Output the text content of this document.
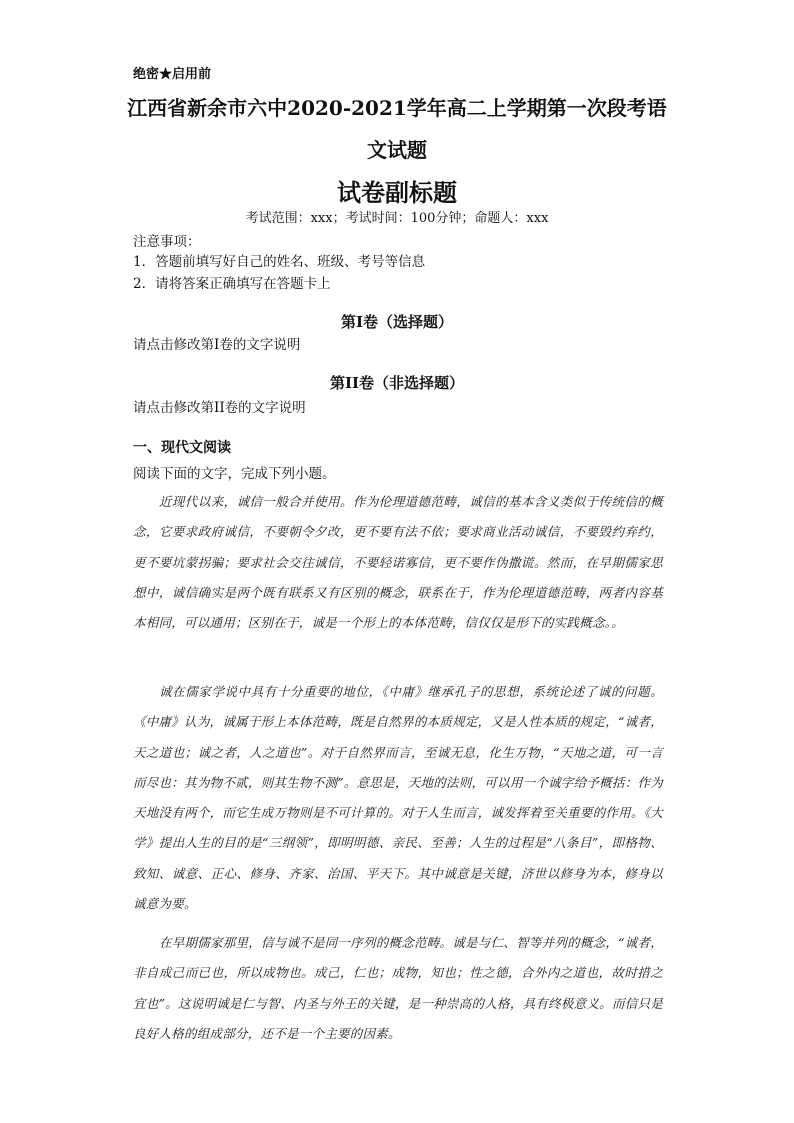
绝密★启用前

江西省新余市六中2020-2021学年高二上学期第一次段考语
文试题
试卷副标题

考试范围：xxx；考试时间：100分钟；命题人：xxx

注意事项：

1．答题前填写好自己的姓名、班级、考号等信息

2．请将答案正确填写在答题卡上

第I卷（选择题）

请点击修改第I卷的文字说明

第II卷（非选择题）

请点击修改第II卷的文字说明

一、现代文阅读

阅读下面的文字，完成下列小题。

近现代以来，诚信一般合并使用。作为伦理道德范畴，诚信的基本含义类似于传统信的概念，它要求政府诚信，不要朝令夕改，更不要有法不依；要求商业活动诚信，不要毁约弃约，更不要坑蒙拐骗；要求社会交往诚信，不要轻诺寡信，更不要作伪撒谎。然而，在早期儒家思想中，诚信确实是两个既有联系又有区别的概念，联系在于，作为伦理道德范畴，两者内容基本相同，可以通用；区别在于，诚是一个形上的本体范畴，信仅仅是形下的实践概念。。

诚在儒家学说中具有十分重要的地位，《中庸》继承孔子的思想，系统论述了诚的问题。《中庸》认为，诚属于形上本体范畴，既是自然界的本质规定，又是人性本质的规定，“诚者，天之道也；诚之者，人之道也”。对于自然界而言，至诚无息，化生万物，“天地之道，可一言而尽也：其为物不贰，则其生物不测”。意思是，天地的法则，可以用一个诚字给予概括：作为天地没有两个，而它生成万物则是不可计算的。对于人生而言，诚发挥着至关重要的作用。《大学》提出人生的目的是“三纲领”，即明明德、亲民、至善；人生的过程是“八条目”，即格物、致知、诚意、正心、修身、齐家、治国、平天下。其中诚意是关键，济世以修身为本，修身以诚意为要。

在早期儒家那里，信与诚不是同一序列的概念范畴。诚是与仁、智等并列的概念，“诚者，非自成己而已也，所以成物也。成己，仁也；成物，知也；性之德，合外内之道也，故时措之宜也”。这说明诚是仁与智、内圣与外王的关键，是一种崇高的人格，具有终极意义。而信只是良好人格的组成部分，还不是一个主要的因素。
